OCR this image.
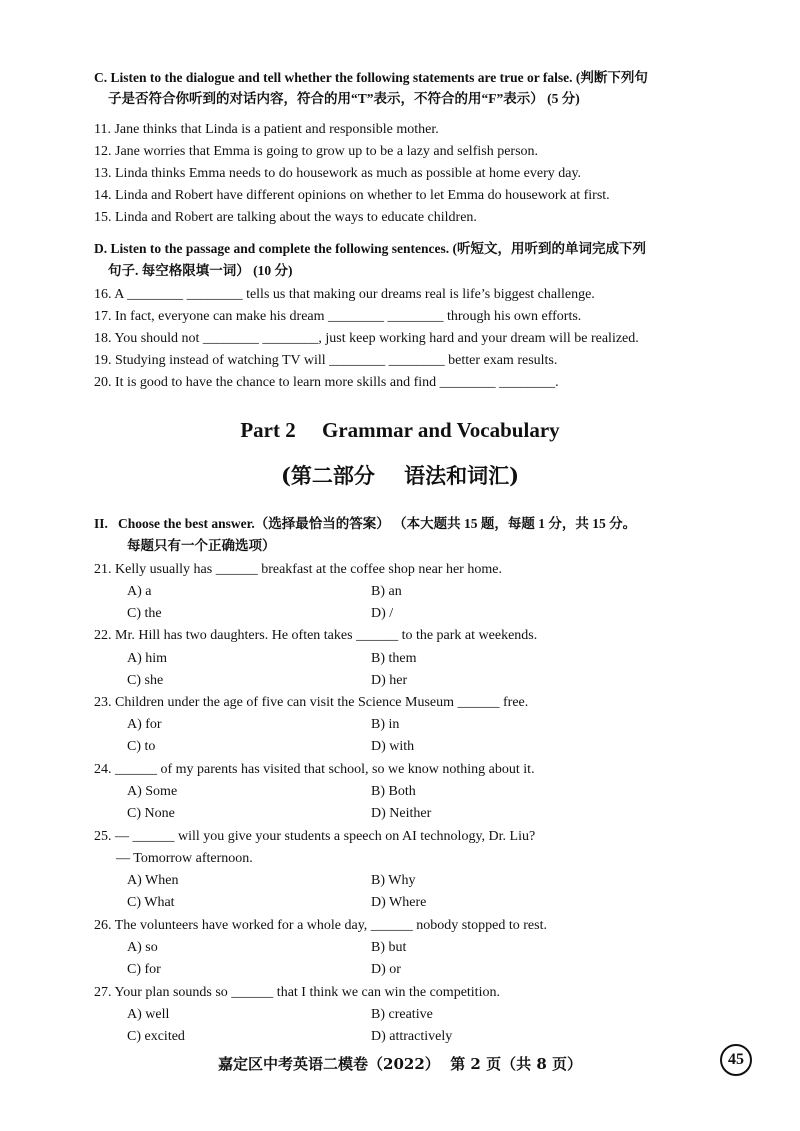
C. Listen to the dialogue and tell whether the following statements are true or false. (判断下列句
子是否符合你听到的对话内容，符合的用“T”表示，不符合的用“F”表示） (5 分)
11. Jane thinks that Linda is a patient and responsible mother.
12. Jane worries that Emma is going to grow up to be a lazy and selfish person.
13. Linda thinks Emma needs to do housework as much as possible at home every day.
14. Linda and Robert have different opinions on whether to let Emma do housework at first.
15. Linda and Robert are talking about the ways to educate children.
D. Listen to the passage and complete the following sentences. (听短文，用听到的单词完成下列
句子. 每空格限填一词） (10 分)
16. A ________ ________ tells us that making our dreams real is life’s biggest challenge.
17. In fact, everyone can make his dream ________ ________ through his own efforts.
18. You should not ________ ________, just keep working hard and your dream will be realized.
19. Studying instead of watching TV will ________ ________ better exam results.
20. It is good to have the chance to learn more skills and find ________ ________.
Part 2     Grammar and Vocabulary
(第二部分    语法和词汇)
II.   Choose the best answer.（选择最恰当的答案） （本大题共 15 题，每题 1 分，共 15 分。
每题只有一个正确选项）
21. Kelly usually has ______ breakfast at the coffee shop near her home.
A) a	B) an
C) the	D) /
22. Mr. Hill has two daughters. He often takes ______ to the park at weekends.
A) him	B) them
C) she	D) her
23. Children under the age of five can visit the Science Museum ______ free.
A) for	B) in
C) to	D) with
24. ______ of my parents has visited that school, so we know nothing about it.
A) Some	B) Both
C) None	D) Neither
25. — ______ will you give your students a speech on AI technology, Dr. Liu?
— Tomorrow afternoon.
A) When	B) Why
C) What	D) Where
26. The volunteers have worked for a whole day, ______ nobody stopped to rest.
A) so	B) but
C) for	D) or
27. Your plan sounds so ______ that I think we can win the competition.
A) well	B) creative
C) excited	D) attractively
嘉定区中考英语二模卷（2022）  第 2 页（共 8 页）	45
